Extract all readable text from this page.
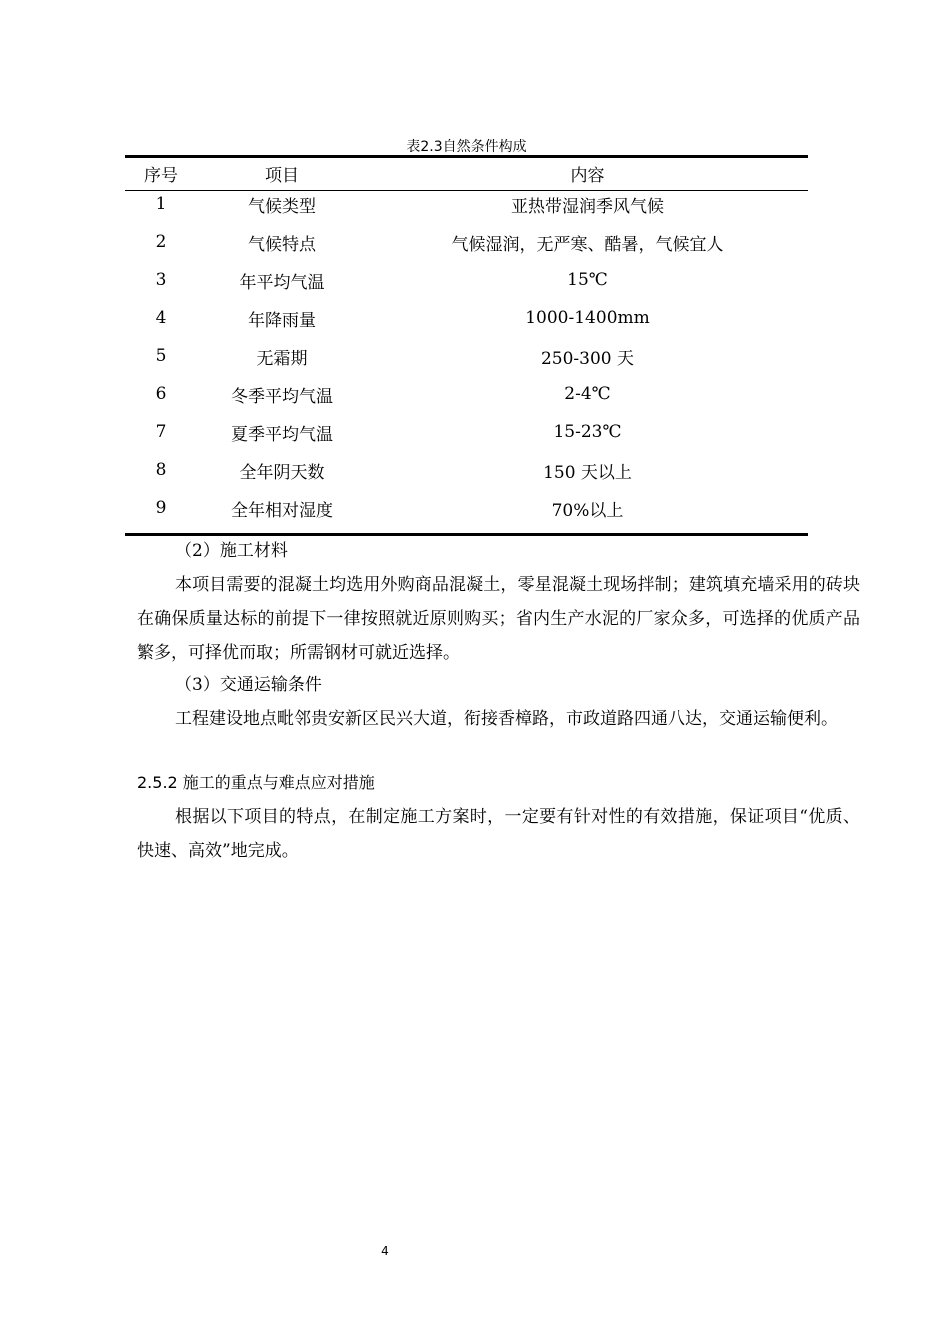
表2.3自然条件构成
序号	项目	内容
1	气候类型	亚热带湿润季风气候
2	气候特点	气候湿润，无严寒、酷暑，气候宜人
3	年平均气温	15℃
4	年降雨量	1000-1400mm
5	无霜期	250-300 天
6	冬季平均气温	2-4℃
7	夏季平均气温	15-23℃
8	全年阴天数	150 天以上
9	全年相对湿度	70%以上
（2）施工材料
本项目需要的混凝土均选用外购商品混凝土，零星混凝土现场拌制；建筑填充墙采用的砖块在确保质量达标的前提下一律按照就近原则购买；省内生产水泥的厂家众多，可选择的优质产品繁多，可择优而取；所需钢材可就近选择。
（3）交通运输条件
工程建设地点毗邻贵安新区民兴大道，衔接香樟路，市政道路四通八达，交通运输便利。
2.5.2 施工的重点与难点应对措施
根据以下项目的特点，在制定施工方案时，一定要有针对性的有效措施，保证项目“优质、快速、高效”地完成。
4
